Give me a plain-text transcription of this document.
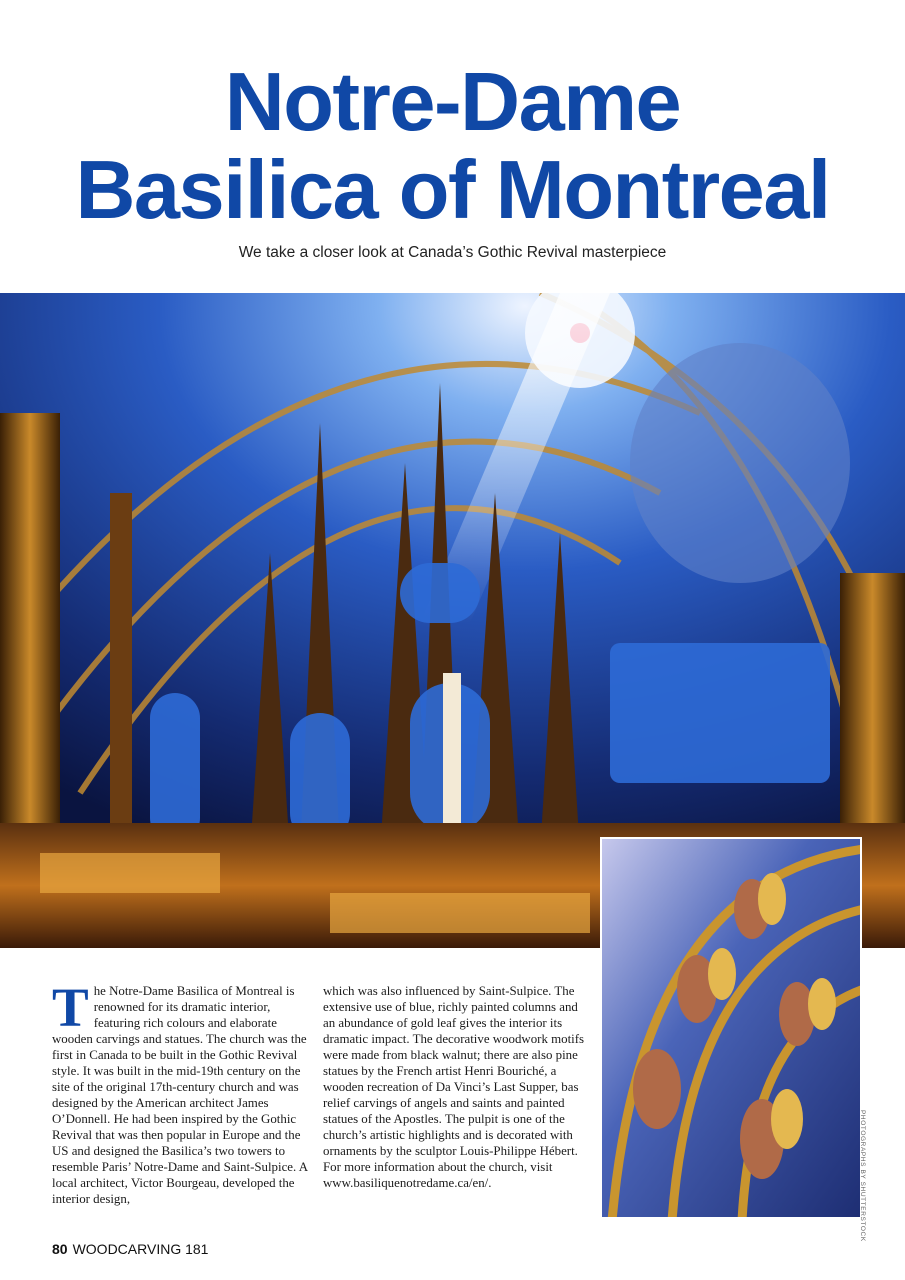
Notre-Dame
Basilica of Montreal
We take a closer look at Canada’s Gothic Revival masterpiece
PHOTOGRAPHS BY SHUTTERSTOCK
T he Notre-Dame Basilica of Montreal is renowned for its dramatic interior, featuring rich colours and elaborate wooden carvings and statues. The church was the first in Canada to be built in the Gothic Revival style. It was built in the mid-19th century on the site of the original 17th-century church and was designed by the American architect James O’Donnell. He had been inspired by the Gothic Revival that was then popular in Europe and the US and designed the Basilica’s two towers to resemble Paris’ Notre-Dame and Saint-Sulpice. A local architect, Victor Bourgeau, developed the interior design,

which was also influenced by Saint-Sulpice. The extensive use of blue, richly painted columns and an abundance of gold leaf gives the interior its dramatic impact. The decorative woodwork motifs were made from black walnut; there are also pine statues by the French artist Henri Bouriché, a wooden recreation of Da Vinci’s Last Supper, bas relief carvings of angels and saints and painted statues of the Apostles. The pulpit is one of the church’s artistic highlights and is decorated with ornaments by the sculptor Louis-Philippe Hébert.

For more information about the church, visit www.basiliquenotredame.ca/en/.

80 WOODCARVING 181
